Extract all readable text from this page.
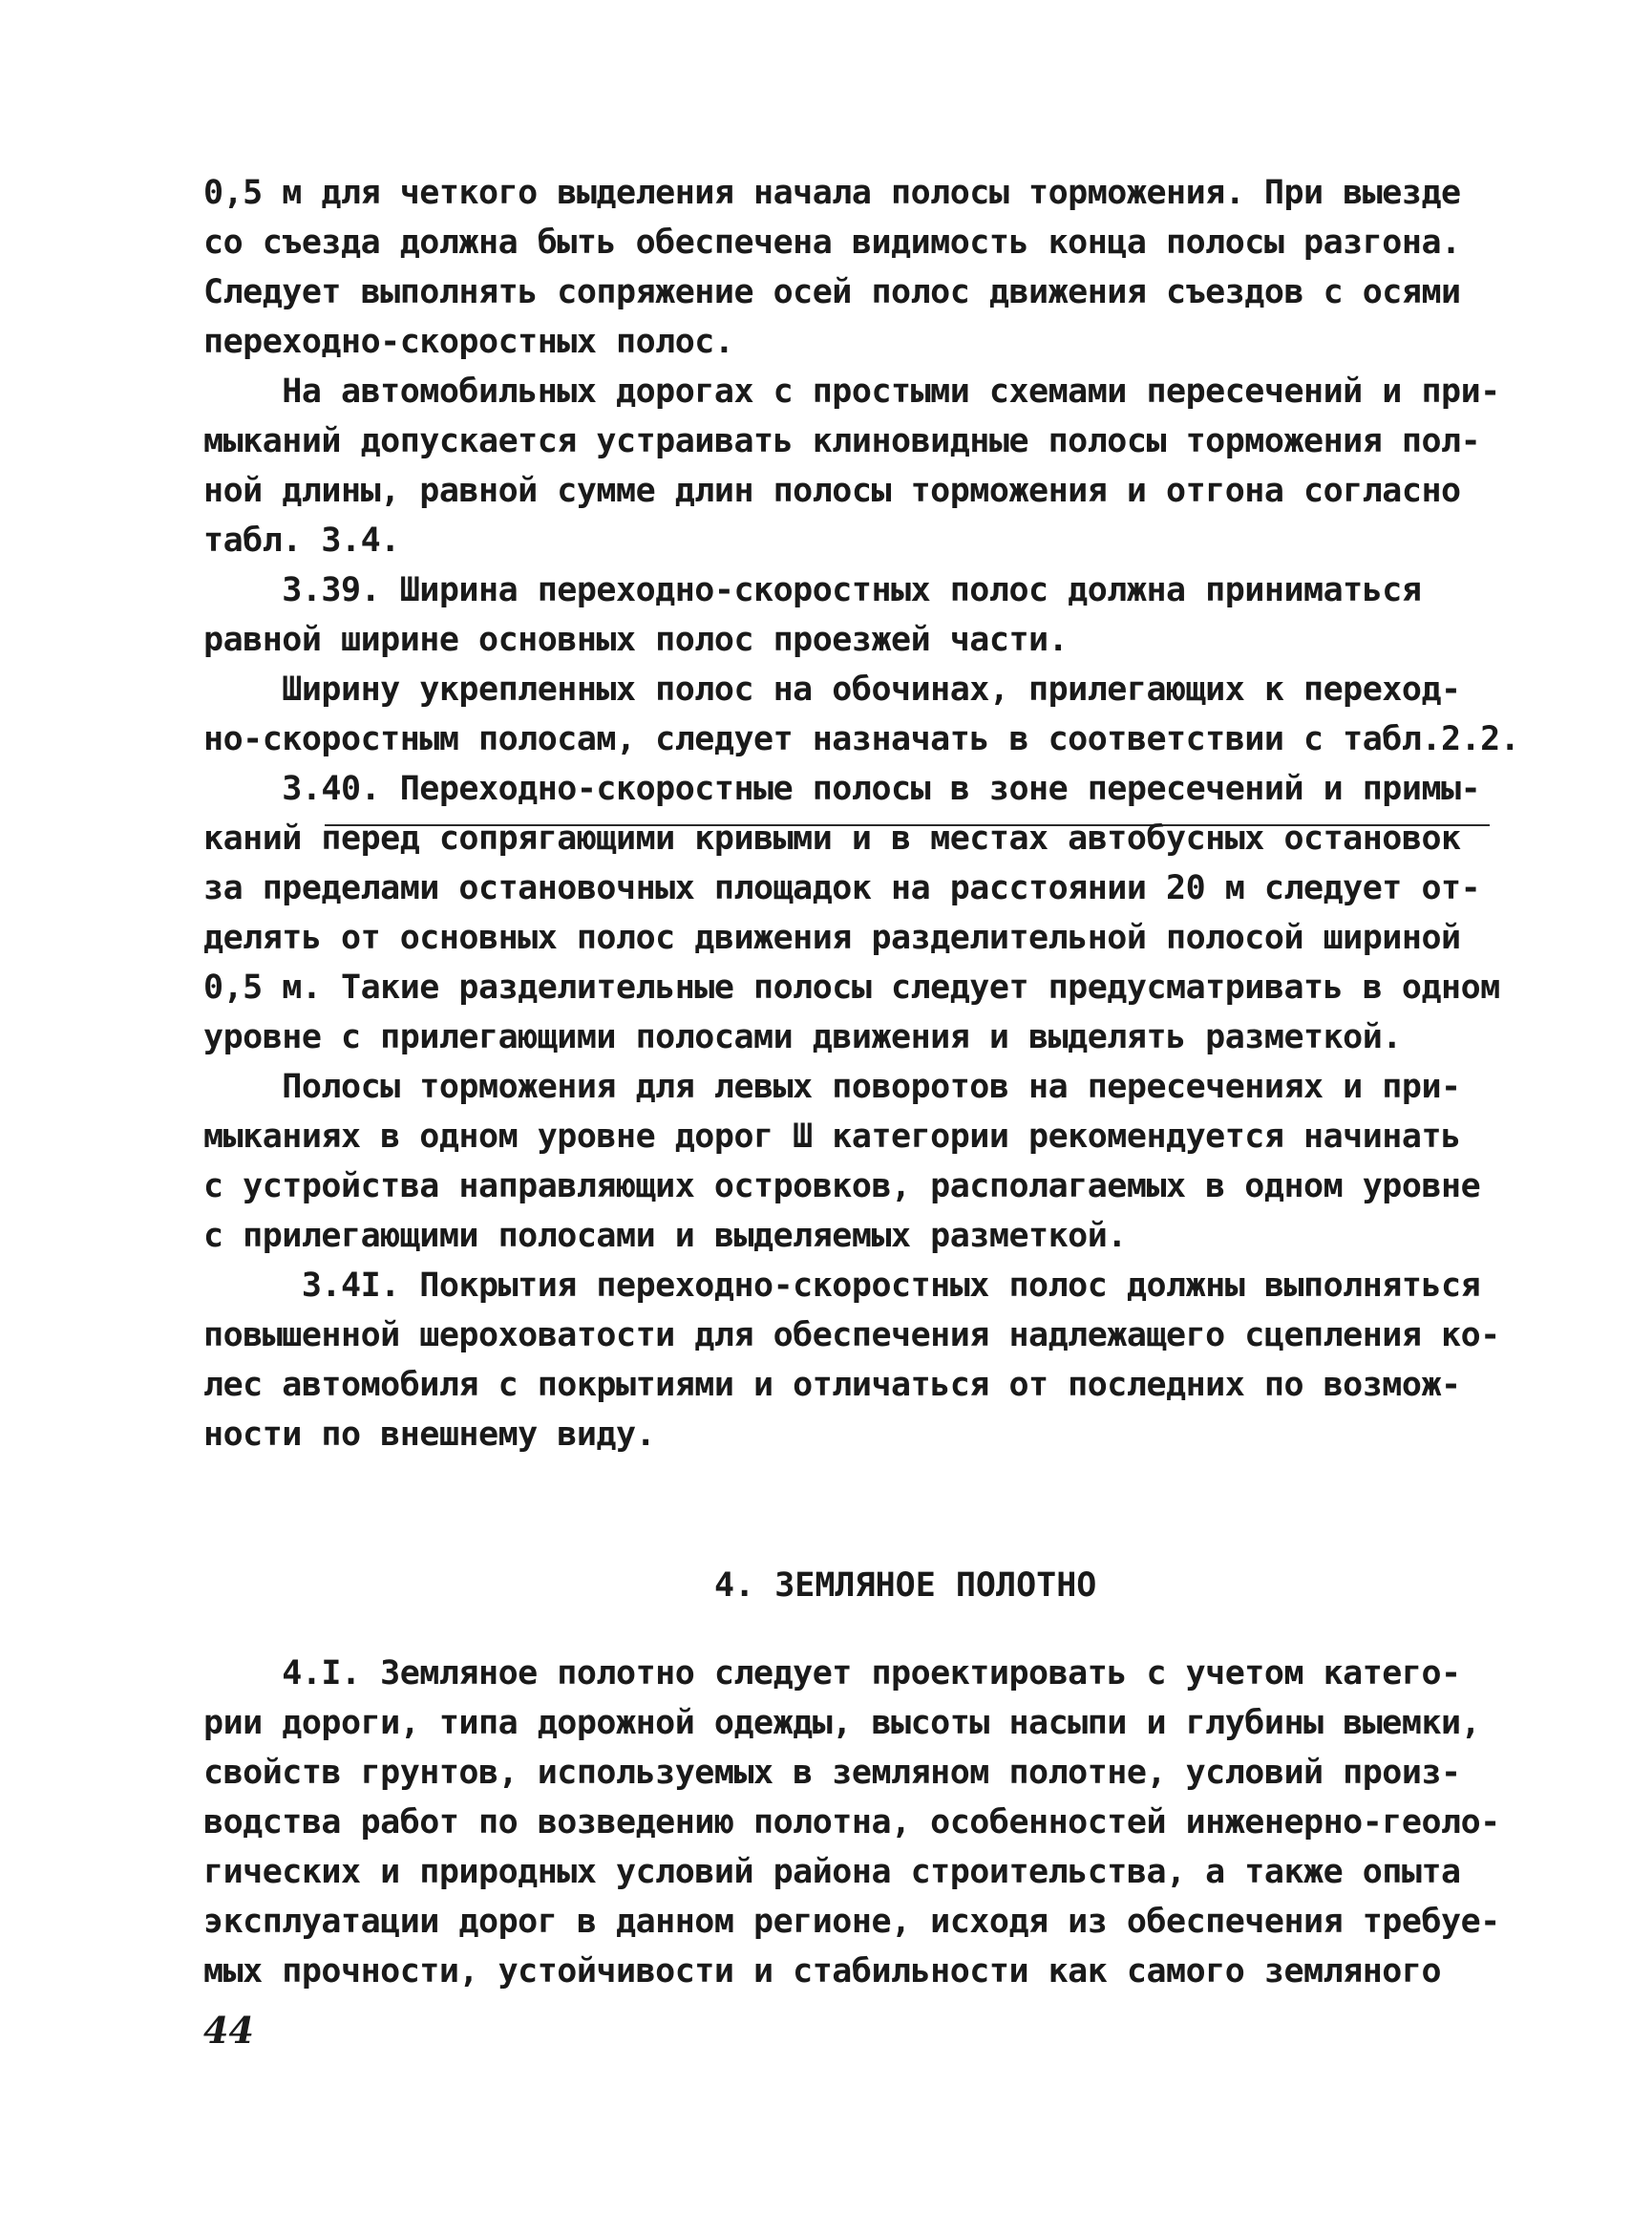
0,5 м для четкого выделения начала полосы торможения. При выезде
со съезда должна быть обеспечена видимость конца полосы разгона.
Следует выполнять сопряжение осей полос движения съездов с осями
переходно-скоростных полос.
На автомобильных дорогах с простыми схемами пересечений и при-
мыканий допускается устраивать клиновидные полосы торможения пол-
ной длины, равной сумме длин полосы торможения и отгона согласно
табл. 3.4.
3.39. Ширина переходно-скоростных полос должна приниматься
равной ширине основных полос проезжей части.
Ширину укрепленных полос на обочинах, прилегающих к переход-
но-скоростным полосам, следует назначать в соответствии с табл.2.2.
3.40. Переходно-скоростные полосы в зоне пересечений и примы-
каний перед сопрягающими кривыми и в местах автобусных остановок
за пределами остановочных площадок на расстоянии 20 м следует от-
делять от основных полос движения разделительной полосой шириной
0,5 м. Такие разделительные полосы следует предусматривать в одном
уровне с прилегающими полосами движения и выделять разметкой.
Полосы торможения для левых поворотов на пересечениях и при-
мыканиях в одном уровне дорог Ш категории рекомендуется начинать
с устройства направляющих островков, располагаемых в одном уровне
с прилегающими полосами и выделяемых разметкой.
3.4I. Покрытия переходно-скоростных полос должны выполняться
повышенной шероховатости для обеспечения надлежащего сцепления ко-
лес автомобиля с покрытиями и отличаться от последних по возмож-
ности по внешнему виду.
4. ЗЕМЛЯНОЕ ПОЛОТНО
4.I. Земляное полотно следует проектировать с учетом катего-
рии дороги, типа дорожной одежды, высоты насыпи и глубины выемки,
свойств грунтов, используемых в земляном полотне, условий произ-
водства работ по возведению полотна, особенностей инженерно-геоло-
гических и природных условий района строительства, а также опыта
эксплуатации дорог в данном регионе, исходя из обеспечения требуе-
мых прочности, устойчивости и стабильности как самого земляного
44
